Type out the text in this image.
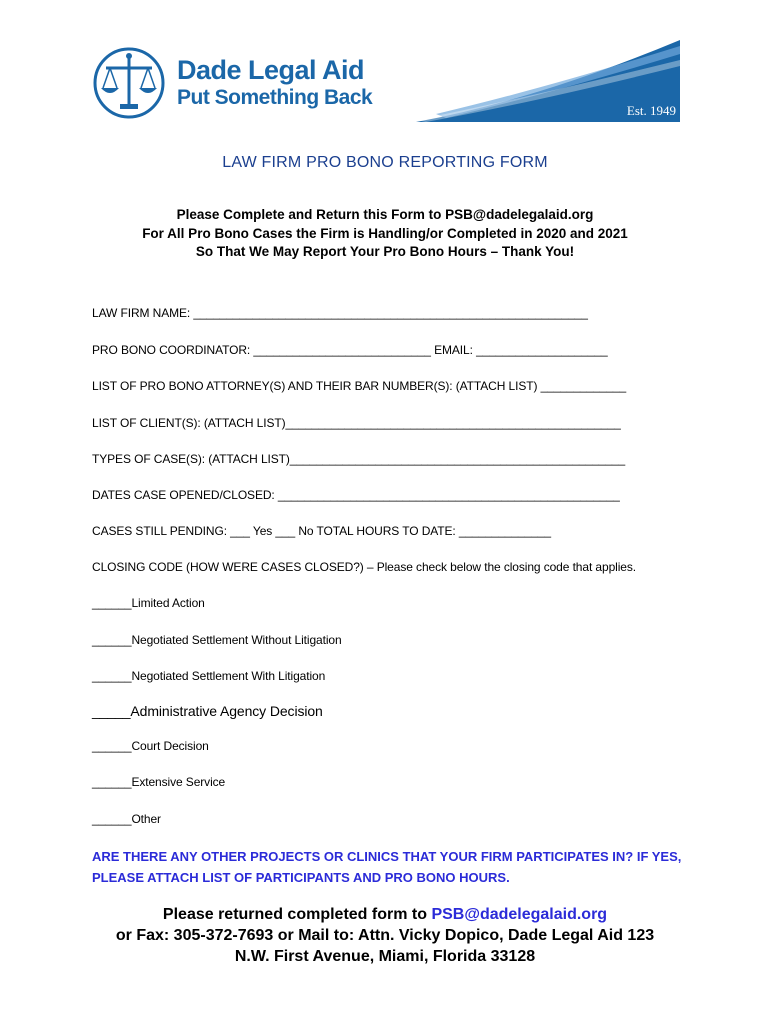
Dade Legal Aid
Put Something Back
Est. 1949
LAW FIRM PRO BONO REPORTING FORM
Please Complete and Return this Form to PSB@dadelegalaid.org
For All Pro Bono Cases the Firm is Handling/or Completed in 2020 and 2021
So That We May Report Your Pro Bono Hours – Thank You!
LAW FIRM NAME: ____________________________________________________________
PRO BONO COORDINATOR: ___________________________ EMAIL: ____________________
LIST OF PRO BONO ATTORNEY(S) AND THEIR BAR NUMBER(S): (ATTACH LIST) _____________
LIST OF CLIENT(S): (ATTACH LIST)___________________________________________________
TYPES OF CASE(S): (ATTACH LIST)___________________________________________________
DATES CASE OPENED/CLOSED: ____________________________________________________
CASES STILL PENDING: ___ Yes ___ No TOTAL HOURS TO DATE: ______________
CLOSING CODE (HOW WERE CASES CLOSED?) – Please check below the closing code that applies.
______Limited Action
______Negotiated Settlement Without Litigation
______Negotiated Settlement With Litigation
_____Administrative Agency Decision
______Court Decision
______Extensive Service
______Other
ARE THERE ANY OTHER PROJECTS OR CLINICS THAT YOUR FIRM PARTICIPATES IN? IF YES, PLEASE ATTACH LIST OF PARTICIPANTS AND PRO BONO HOURS.
Please returned completed form to PSB@dadelegalaid.org
or Fax: 305-372-7693 or Mail to: Attn. Vicky Dopico, Dade Legal Aid 123
N.W. First Avenue, Miami, Florida 33128
